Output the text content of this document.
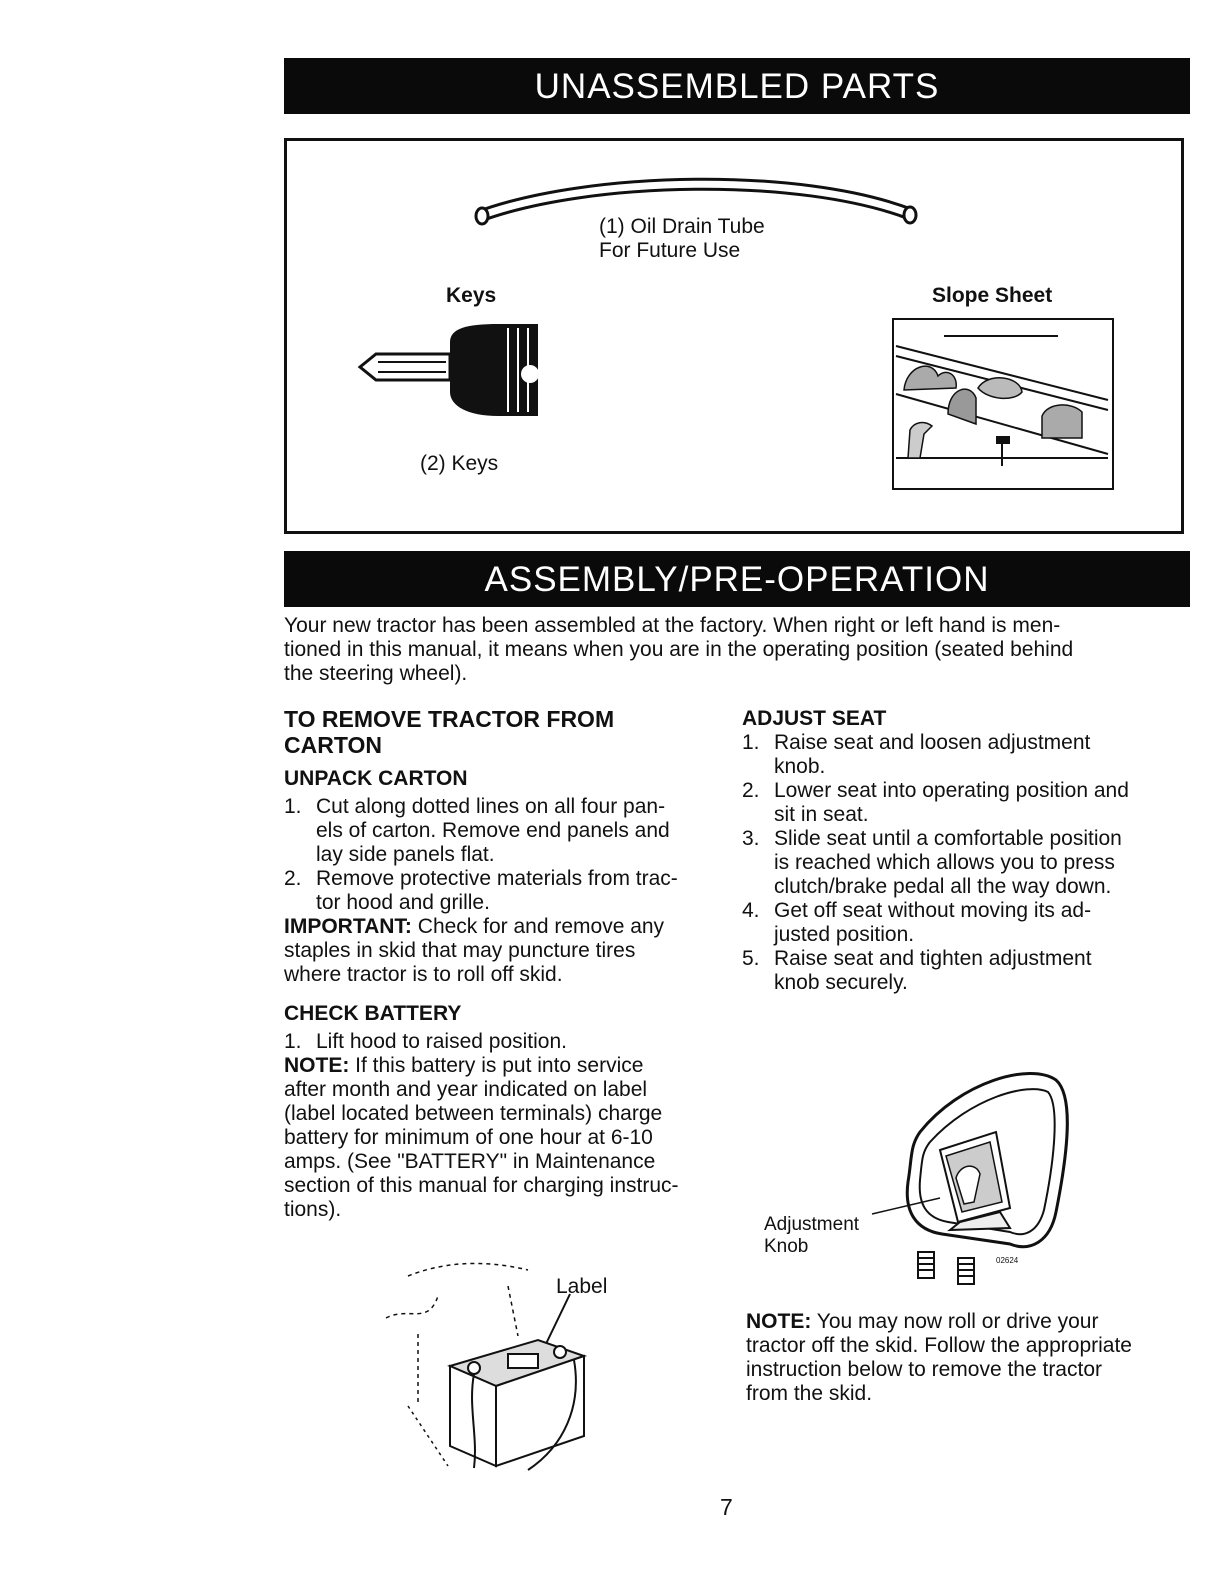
UNASSEMBLED PARTS
(1) Oil Drain Tube
For Future Use
Keys
(2) Keys
Slope Sheet
ASSEMBLY/PRE-OPERATION
Your new tractor has been assembled at the factory. When right or left hand is men-
tioned in this manual, it means when you are in the operating position (seated behind
the steering wheel).
TO REMOVE TRACTOR FROM
CARTON
UNPACK CARTON
1. Cut along dotted lines on all four pan-
els of carton. Remove end panels and
lay side panels flat.
2. Remove protective materials from trac-
tor hood and grille.
IMPORTANT: Check for and remove any
staples in skid that may puncture tires
where tractor is to roll off skid.
CHECK BATTERY
1. Lift hood to raised position.
NOTE: If this battery is put into service
after month and year indicated on label
(label located between terminals) charge
battery for minimum of one hour at 6-10
amps. (See "BATTERY" in Maintenance
section of this manual for charging instruc-
tions).
Label
ADJUST SEAT
1. Raise seat and loosen adjustment
knob.
2. Lower seat into operating position and
sit in seat.
3. Slide seat until a comfortable position
is reached which allows you to press
clutch/brake pedal all the way down.
4. Get off seat without moving its ad-
justed position.
5. Raise seat and tighten adjustment
knob securely.
Adjustment
Knob
02624
NOTE: You may now roll or drive your
tractor off the skid. Follow the appropriate
instruction below to remove the tractor
from the skid.
7
